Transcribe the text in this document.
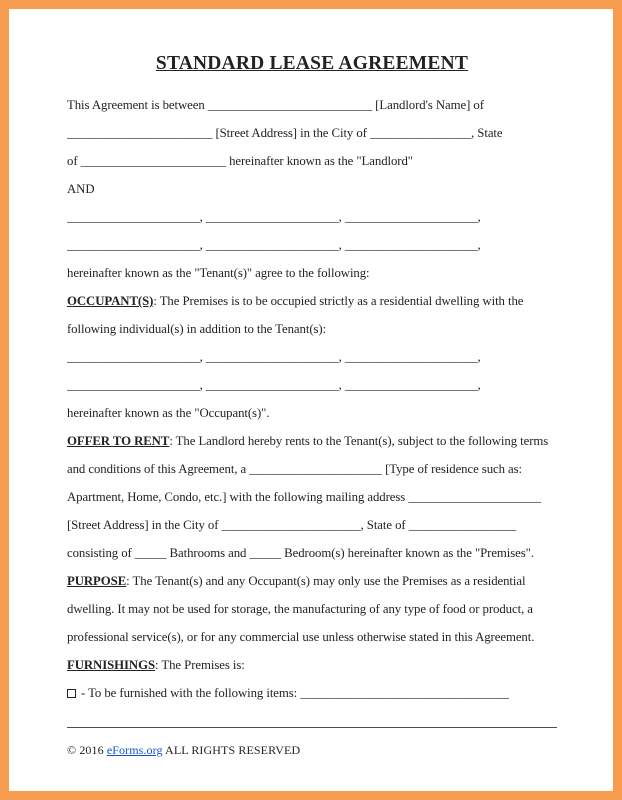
STANDARD LEASE AGREEMENT
This Agreement is between __________________________ [Landlord's Name] of
_______________________ [Street Address] in the City of ________________, State
of _______________________ hereinafter known as the "Landlord"
AND
_____________________, _____________________, _____________________,
_____________________, _____________________, _____________________,
hereinafter known as the "Tenant(s)" agree to the following:
OCCUPANT(S): The Premises is to be occupied strictly as a residential dwelling with the
following individual(s) in addition to the Tenant(s):
_____________________, _____________________, _____________________,
_____________________, _____________________, _____________________,
hereinafter known as the "Occupant(s)".
OFFER TO RENT: The Landlord hereby rents to the Tenant(s), subject to the following terms
and conditions of this Agreement, a _____________________ [Type of residence such as:
Apartment, Home, Condo, etc.] with the following mailing address _____________________
[Street Address] in the City of ______________________, State of _________________
consisting of _____ Bathrooms and _____ Bedroom(s) hereinafter known as the "Premises".
PURPOSE: The Tenant(s) and any Occupant(s) may only use the Premises as a residential
dwelling. It may not be used for storage, the manufacturing of any type of food or product, a
professional service(s), or for any commercial use unless otherwise stated in this Agreement.
FURNISHINGS: The Premises is:
- To be furnished with the following items: _________________________________
© 2016 eForms.org ALL RIGHTS RESERVED
